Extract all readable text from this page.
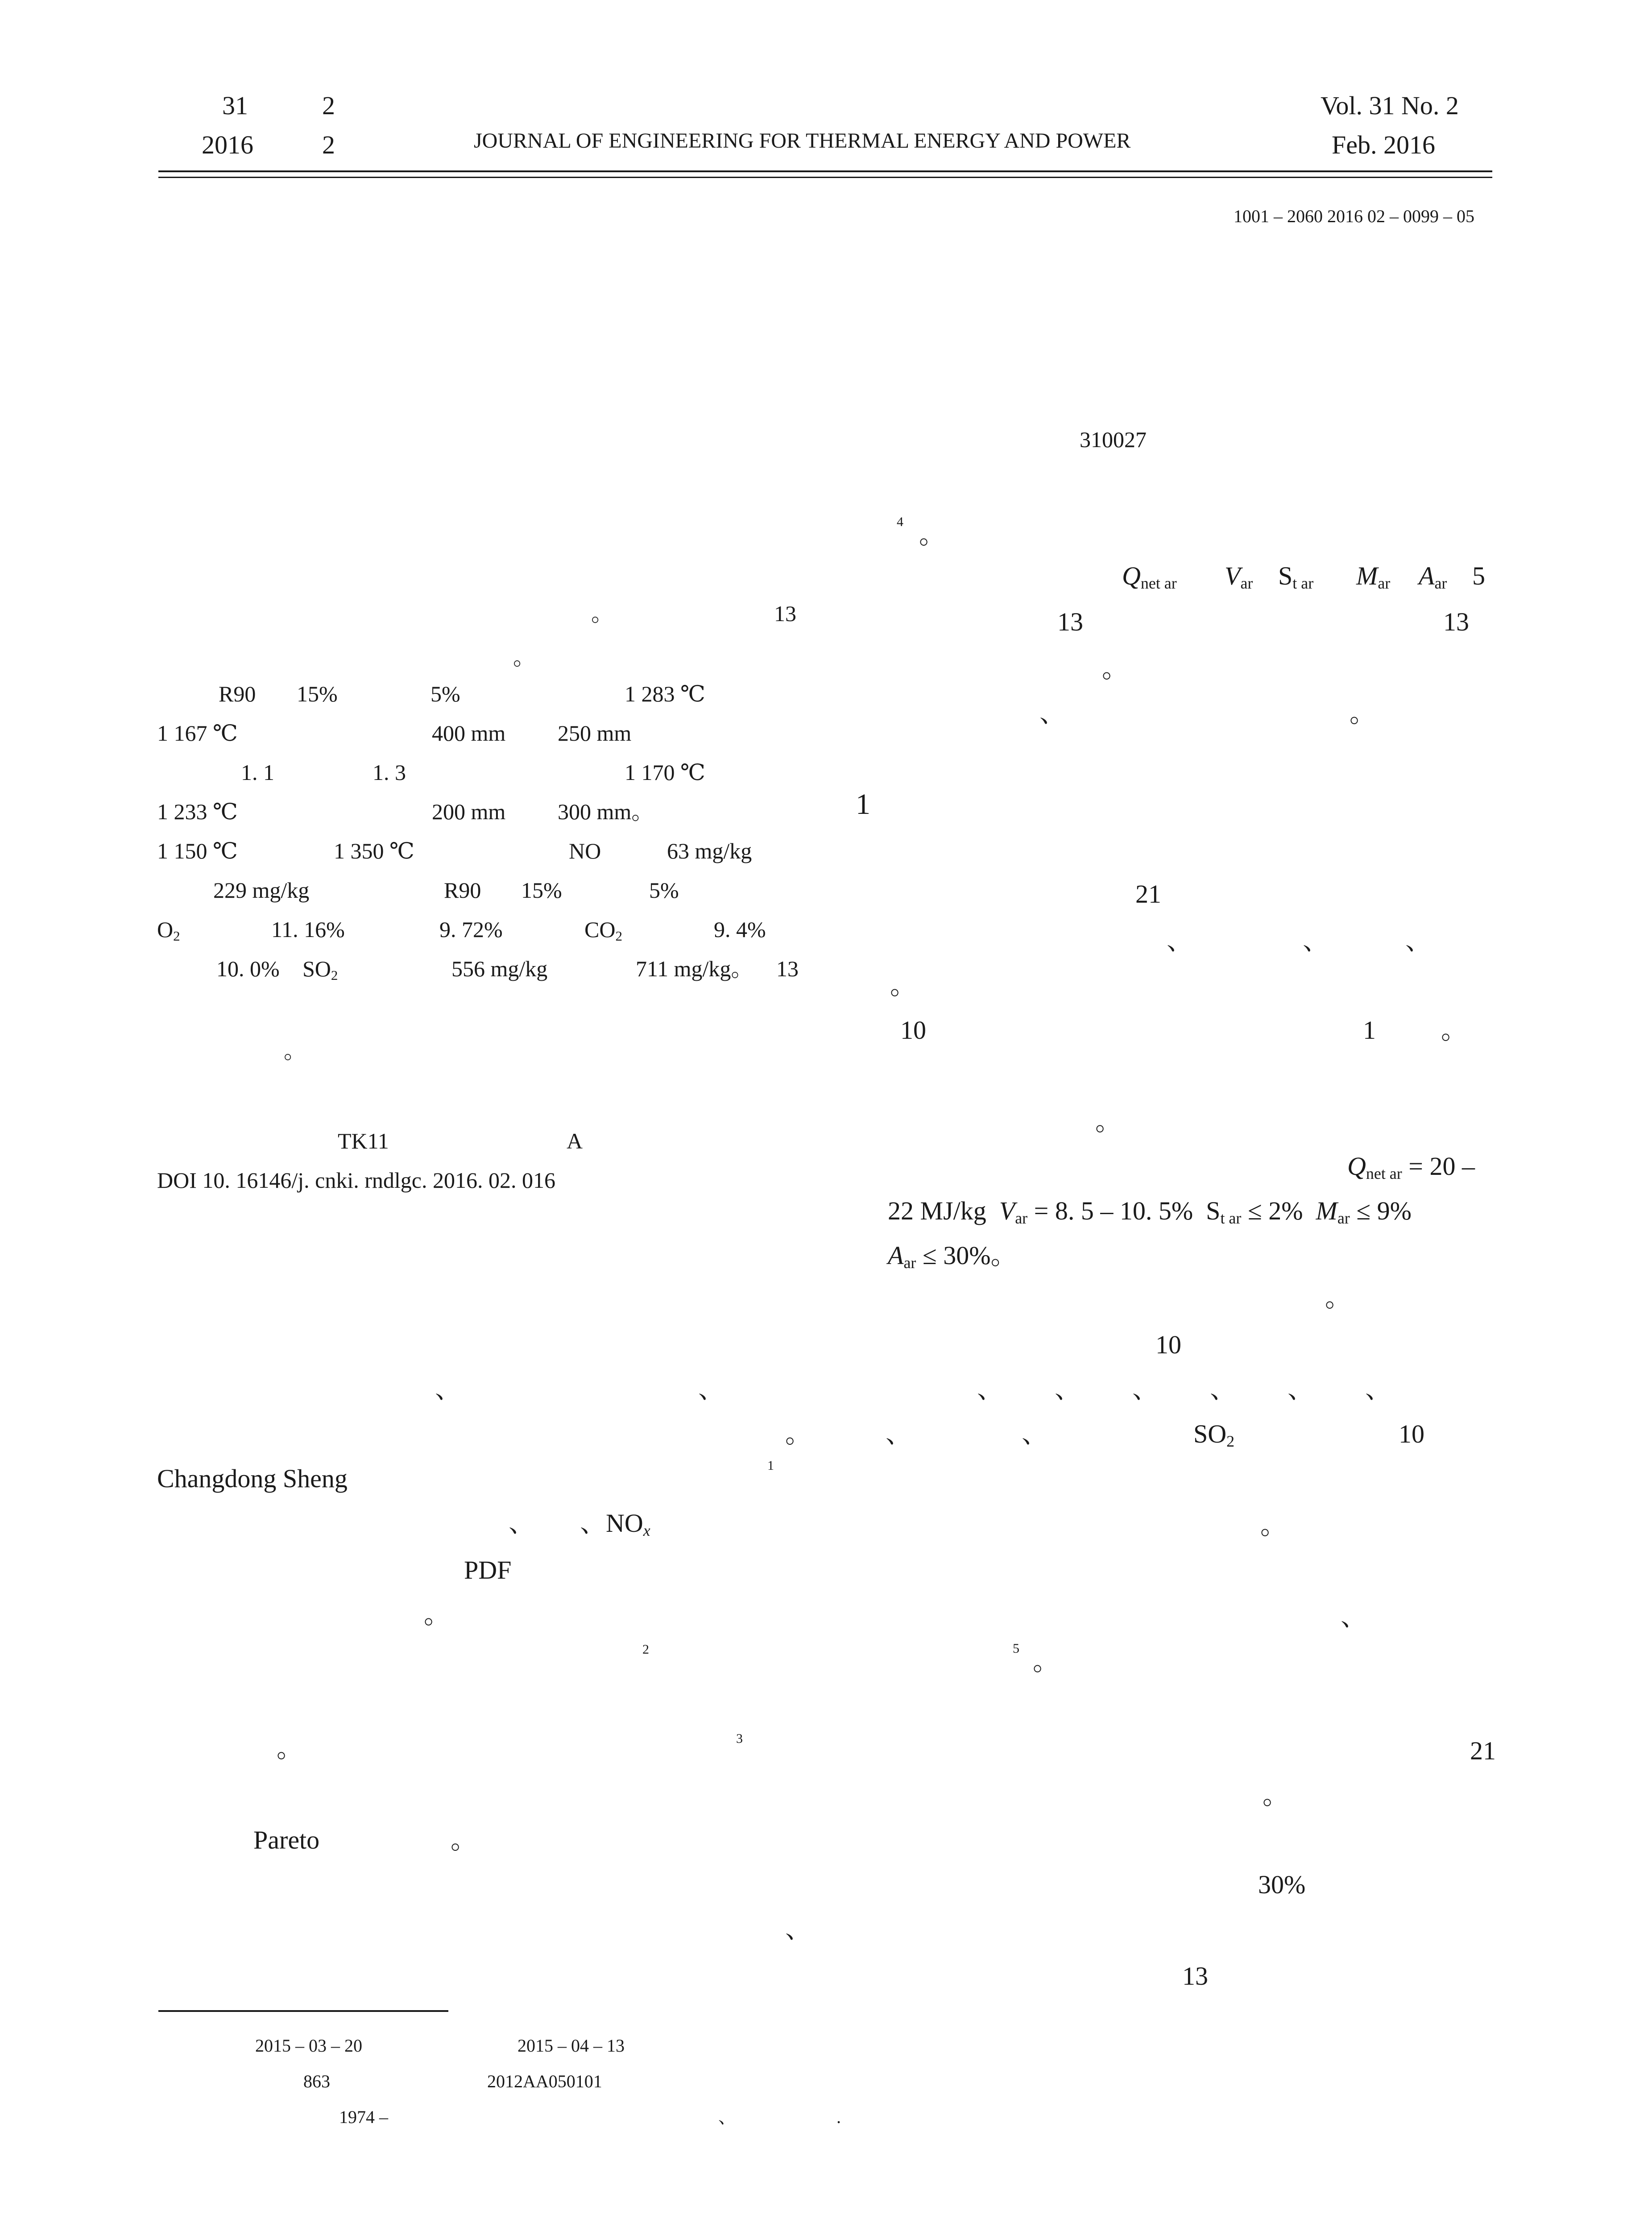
31	2
2016	2	JOURNAL OF ENGINEERING FOR THERMAL ENERGY AND POWER
Vol. 31 No. 2
Feb. 2016
1001 – 2060 2016 02 – 0099 – 05
310027
。	13
。
R90 15%	5%	1 283 ℃
1 167 ℃	400 mm 250 mm
1. 1	1. 3	1 170 ℃
1 233 ℃	200 mm 300 mm。
1 150 ℃	1 350 ℃	NO	63 mg/kg
229 mg/kg	R90 15%	5%
$O_2$	11. 16%	9. 72%	$CO_2$	9. 4%
10. 0% $SO_2$	556 mg/kg	711 mg/kg。 13
。
TK11	A
DOI 10. 16146/j. cnki. rndlgc. 2016. 02. 016
、	、
Changdong Sheng	1
、 、$NO_x$
PDF
。
2
。	3
Pareto	。
、
4 。
$Q_{net ar}$ $V_{ar}$ $S_{t ar}$ $M_{ar}$ $A_{ar}$ 5
13	13
。
、	。
1
21
、	、	、
。
10	1	。
。
$Q_{net ar} = 20$ –
22 MJ/kg $V_{ar} = 8$. 5 – 10. 5% $S_{t ar} \le 2\%$ $M_{ar} \le 9\%$
$A_{ar} \le 30\%$。
。
10
、        、        、        、        、        、
。	、	、	$SO_2$	10
。
、
5 。
21
。
30%
13
2015 – 03 – 20	2015 – 04 – 13
863	2012AA050101
1974 –	、	.
